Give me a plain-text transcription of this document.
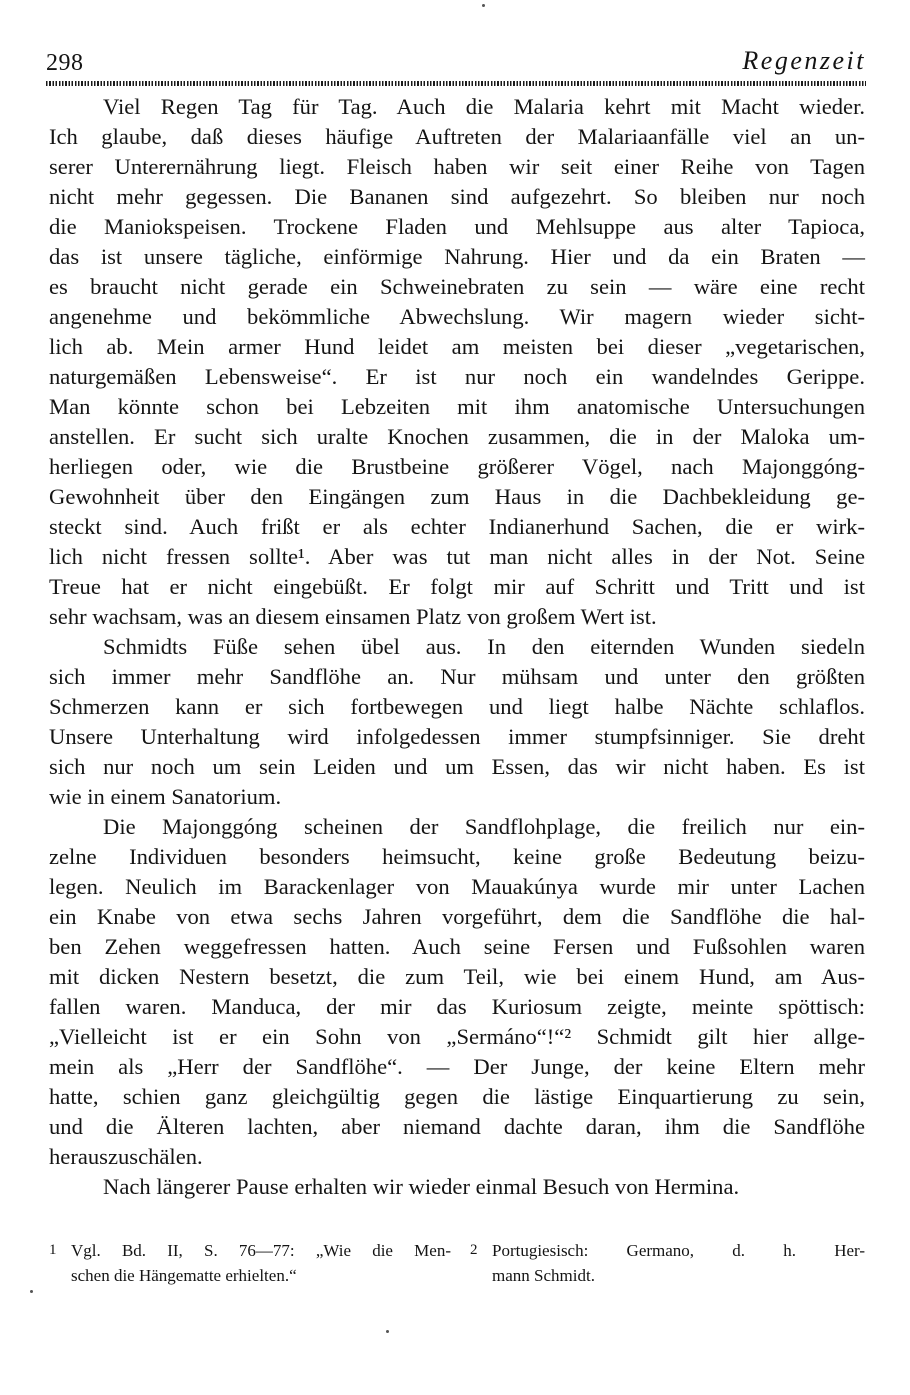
298	Regenzeit
Viel Regen Tag für Tag. Auch die Malaria kehrt mit Macht wieder.
Ich glaube, daß dieses häufige Auftreten der Malariaanfälle viel an un-
serer Unterernährung liegt. Fleisch haben wir seit einer Reihe von Tagen
nicht mehr gegessen. Die Bananen sind aufgezehrt. So bleiben nur noch
die Maniokspeisen. Trockene Fladen und Mehlsuppe aus alter Tapioca,
das ist unsere tägliche, einförmige Nahrung. Hier und da ein Braten —
es braucht nicht gerade ein Schweinebraten zu sein — wäre eine recht
angenehme und bekömmliche Abwechslung. Wir magern wieder sicht-
lich ab. Mein armer Hund leidet am meisten bei dieser „vegetarischen,
naturgemäßen Lebensweise“. Er ist nur noch ein wandelndes Gerippe.
Man könnte schon bei Lebzeiten mit ihm anatomische Untersuchungen
anstellen. Er sucht sich uralte Knochen zusammen, die in der Maloka um-
herliegen oder, wie die Brustbeine größerer Vögel, nach Majonggóng-
Gewohnheit über den Eingängen zum Haus in die Dachbekleidung ge-
steckt sind. Auch frißt er als echter Indianerhund Sachen, die er wirk-
lich nicht fressen sollte¹. Aber was tut man nicht alles in der Not. Seine
Treue hat er nicht eingebüßt. Er folgt mir auf Schritt und Tritt und ist
sehr wachsam, was an diesem einsamen Platz von großem Wert ist.
Schmidts Füße sehen übel aus. In den eiternden Wunden siedeln
sich immer mehr Sandflöhe an. Nur mühsam und unter den größten
Schmerzen kann er sich fortbewegen und liegt halbe Nächte schlaflos.
Unsere Unterhaltung wird infolgedessen immer stumpfsinniger. Sie dreht
sich nur noch um sein Leiden und um Essen, das wir nicht haben. Es ist
wie in einem Sanatorium.
Die Majonggóng scheinen der Sandflohplage, die freilich nur ein-
zelne Individuen besonders heimsucht, keine große Bedeutung beizu-
legen. Neulich im Barackenlager von Mauakúnya wurde mir unter Lachen
ein Knabe von etwa sechs Jahren vorgeführt, dem die Sandflöhe die hal-
ben Zehen weggefressen hatten. Auch seine Fersen und Fußsohlen waren
mit dicken Nestern besetzt, die zum Teil, wie bei einem Hund, am Aus-
fallen waren. Manduca, der mir das Kuriosum zeigte, meinte spöttisch:
„Vielleicht ist er ein Sohn von „Sermáno“!“² Schmidt gilt hier allge-
mein als „Herr der Sandflöhe“. — Der Junge, der keine Eltern mehr
hatte, schien ganz gleichgültig gegen die lästige Einquartierung zu sein,
und die Älteren lachten, aber niemand dachte daran, ihm die Sandflöhe
herauszuschälen.
Nach längerer Pause erhalten wir wieder einmal Besuch von Hermina.
1 Vgl. Bd. II, S. 76—77: „Wie die Men-
schen die Hängematte erhielten.“
2 Portugiesisch: Germano, d. h. Her-
mann Schmidt.
